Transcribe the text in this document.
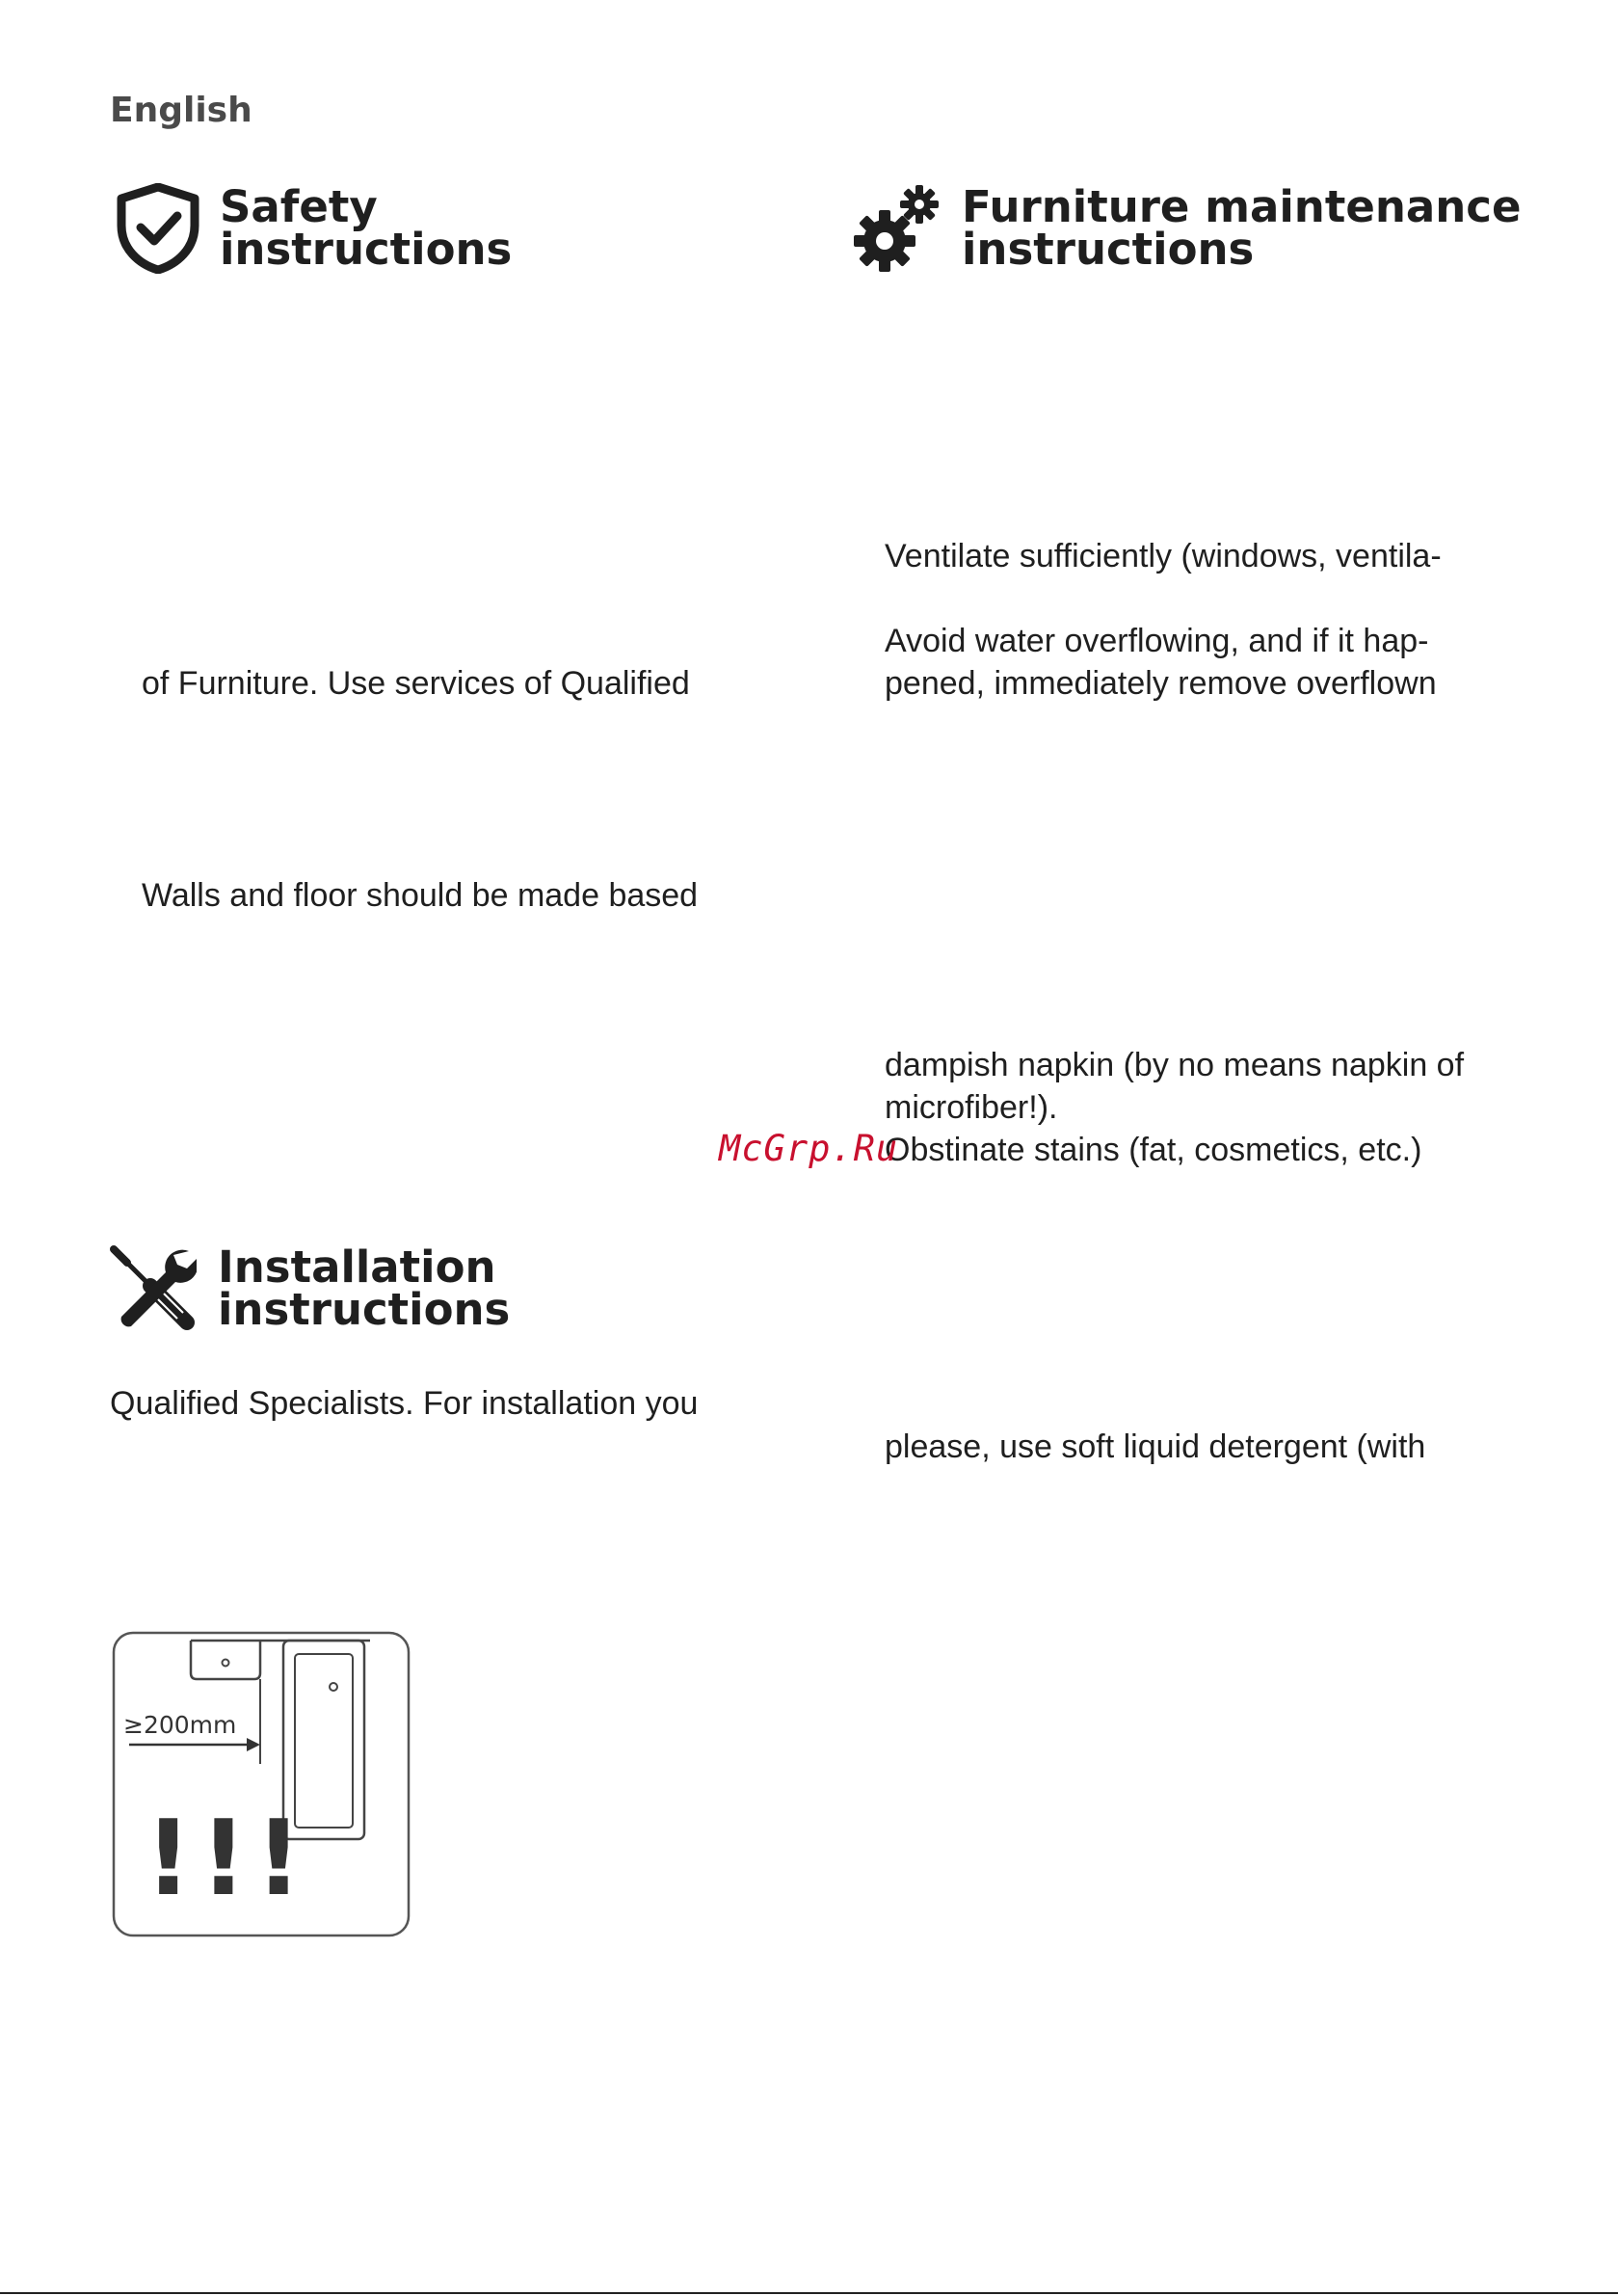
English
Safety
instructions
Furniture maintenance
instructions
Ventilate sufficiently (windows, ventila-
Avoid water overflowing, and if it hap-
pened, immediately remove overflown
dampish napkin (by no means napkin of
microfiber!).
Obstinate stains (fat, cosmetics, etc.)
please, use soft liquid detergent (with
of Furniture. Use services of Qualified
Walls and floor should be made based
McGrp.Ru
Installation
instructions
Qualified Specialists. For installation you
≥200mm
!!!
